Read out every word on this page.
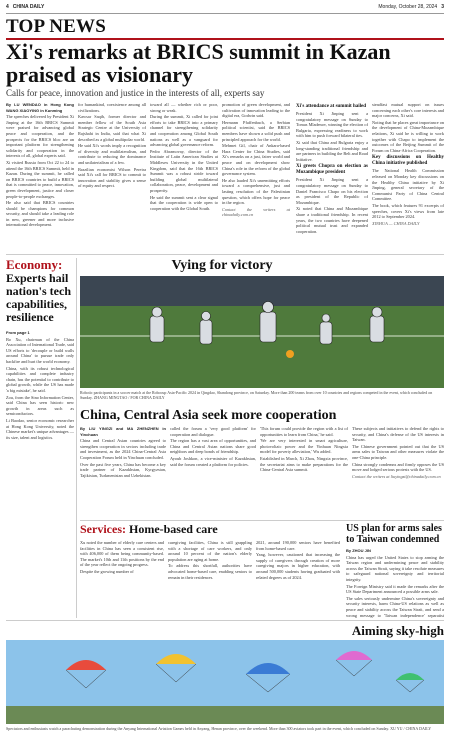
4 CHINA DAILY	Monday, October 28, 2024 3
TOP NEWS
Xi's remarks at BRICS summit in Kazan praised as visionary
Calls for peace, innovation and justice in the interests of all, experts say
By LU WENDAO in Hong Kong WANG XIAOYING in Kunming

The speeches delivered by President Xi Jinping at the 16th BRICS Summit were praised for advancing global peace and cooperation, and the prospects for the BRICS bloc are an important platform for strengthening solidarity and cooperation in the interests of all, global experts said.

Xi visited Russia from Oct 22 to 24 to attend the 16th BRICS Summit, held in Kazan. During the summit, he called on BRICS countries to build a BRICS that is committed to peace, innovation, green development, justice and closer people-to-people exchanges.

He also said that BRICS countries should be champions for common security, and should take a leading role in new, greener and more inclusive international development.

for humankind, coexistence among all civilizations.

Kawsar Saqib, former director and member fellow of the South Asia Strategic Centre at the University of Rajshahi in India, said that what Xi described as a global multipolar world.

He said Xi's words imply a recognition of diversity and multilateralism, and contribute to reducing the dominance and unilaterialism of a few.

Brazilian economist Wilson Pereira said Xi's call for BRICS to commit to innovation and stability gives a sense of equity and respect.

toward all — whether rich or poor, strong or weak.

During the summit, Xi called for joint efforts to take BRICS into a primary channel for strengthening solidarity and cooperation among Global South nations as well as a vanguard for advancing global governance reform.

Pedro Abramovay, director of the Institute of Latin American Studies at Middlesex University in the United Kingdom, said that the 16th BRICS Summit was a robust stride toward building global multilateral collaboration, peace, development and prosperity.

He said the summit sent a clear signal that the cooperation is wide open to cooperation with the Global South.

promotion of green development, and cultivation of innovation leading to the digital era, Godwin said.

Hermann Pfaffenbach, a Serbian political scientist, said the BRICS members have shown a solid push and principled approach for the world.

Mehmet Gil, chair of Ankara-based Hara Center for China Studies, said Xi's remarks on a just, fairer world and peace and on development show China's role in the reform of the global governance system.

He also lauded Xi's unremitting efforts toward a comprehensive, just and lasting resolution of the Palestinian question, which offers hope for peace in the region.

Contact the writers at chinadaily.com.cn

Xi's attendance at summit hailed

President Xi Jinping sent a congratulatory message on Sunday to Tomas Mladenov, winning the election of Bulgaria, expressing readiness to work with him to push forward bilateral ties.

Xi said that China and Bulgaria enjoy a long-standing traditional friendship and are partners in building the Belt and Road Initiative.

Xi greets Chopra on election as Mozambique president

President Xi Jinping sent a congratulatory message on Sunday to Daniel Francisco Chapo on his election as president of the Republic of Mozambique.

Xi noted that China and Mozambique share a traditional friendship. In recent years, the two countries have deepened political mutual trust and expanded cooperation.

steadfast mutual support on issues concerning each other's core interests and major concerns, Xi said.

Noting that he places great importance on the development of China-Mozambique relations, Xi said he is willing to work together with Chapo to implement the outcomes of the Beijing Summit of the Forum on China-Africa Cooperation.

Key discussions on Healthy China initiative published

The National Health Commission released on Monday key discussions on the Healthy China initiative by Xi Jinping, general secretary of the Communist Party of China Central Committee.

The book, which features 91 excerpts of speeches, covers Xi's views from late 2012 to September 2024.

XINHUA — CHINA DAILY

Economy:
Experts hail nation's tech capabilities, resilience

From page 1

Bo Xu, chairman of the China Association of International Trade, said US efforts to 'decouple or build walls around China' to pursue trade only backfire and hurt the world economy.

China, with its robust technological capabilities and complete industry chain, has the potential to contribute to global growth, while the US has made 'a big mistake', he said.

Zou, from the Sino Information Center, said China has seen historic new growth in areas such as semiconductors.

Li Baodao, senior economic researcher at Hong Kong University, noted the Chinese market's unique advantages — its size, talent and logistics.

Vying for victory
Robotic participants in a soccer match at the Robocup Asia-Pacific 2024 in Qingdao, Shandong province, on Saturday. More than 200 teams from over 10 countries and regions competed in the event, which concluded on Sunday. ZHANG MINGTAO / FOR CHINA DAILY
China, Central Asia seek more cooperation
By LIU YINGZI and MA ZHENZHEN in Yinchuan

China and Central Asian countries agreed to strengthen cooperation in sectors including trade and investment, as the 2024 China-Central Asia Cooperation Forum held in Yinchuan concluded.

Over the past five years, China has become a key trade partner of Kazakhstan, Kyrgyzstan, Tajikistan, Turkmenistan and Uzbekistan.

called the forum a 'very good platform' for cooperation and dialogue.

The region has a vast area of opportunities, and China and Central Asian nations share good neighbors and deep bonds of friendship.

Ayoub Joshkon, a vice-minister of Kazakhstan, said the forum created a platform for policies.

'This forum could provide the region with a list of opportunities to learn from China,' he said.

'We are very interested in smart agriculture, photovoltaic power and the Yinhuan Ningxia model for poverty alleviation,' Wu added.

Established in March, Xi Zhou, Ningxia province, the secretariat aims to make preparations for the China-Central Asia summit.

These subjects and initiatives to defend the rights to security, and China's defense of the US interests in Taiwan.

The Chinese government pointed out that the US arms sales to Taiwan and other measures violate the one-China principle.

China strongly condemns and firmly opposes the US move and lodged serious protests with the US.

Contact the writers at liuyingzi@chinadaily.com.cn

Services: Home-based care

Xu noted the number of elderly care centers and facilities in China has seen a consistent rise, with 406,000 of them being community-based. The market's 10th and 11th positions by the end of the year reflect the ongoing progress.

Despite the growing number of

caregiving facilities, China is still grappling with a shortage of care workers, and only around 10 percent of the nation's elderly population are aging at home.

To address this shortfall, authorities have advocated home-based care, enabling seniors to remain in their residences.

2021, around 190,000 seniors have benefited from home-based care.

Yang, however, cautioned that increasing the supply of caregivers through creation of more caregiving majors in higher education, with around 500,000 students having graduated with related degrees as of 2024.

Aiming sky-high
Spectators and enthusiasts watch a parachuting demonstration during the Anyang International Aviation Games held in Anyang, Henan province, over the weekend. More than 300 aviators took part in the event, which concluded on Sunday. XU YU / CHINA DAILY
US plan for arms sales to Taiwan condemned
By ZHOU JIN

China has urged the United States to stop arming the Taiwan region and undermining peace and stability across the Taiwan Strait, saying it take resolute measures to safeguard national sovereignty and territorial integrity.

The Foreign Ministry said it made the remarks after the US State Department announced a possible arms sale.

The sales seriously undermine China's sovereignty and security interests, harm China-US relations as well as peace and stability across the Taiwan Strait, and send a wrong message to 'Taiwan independence' separatist
